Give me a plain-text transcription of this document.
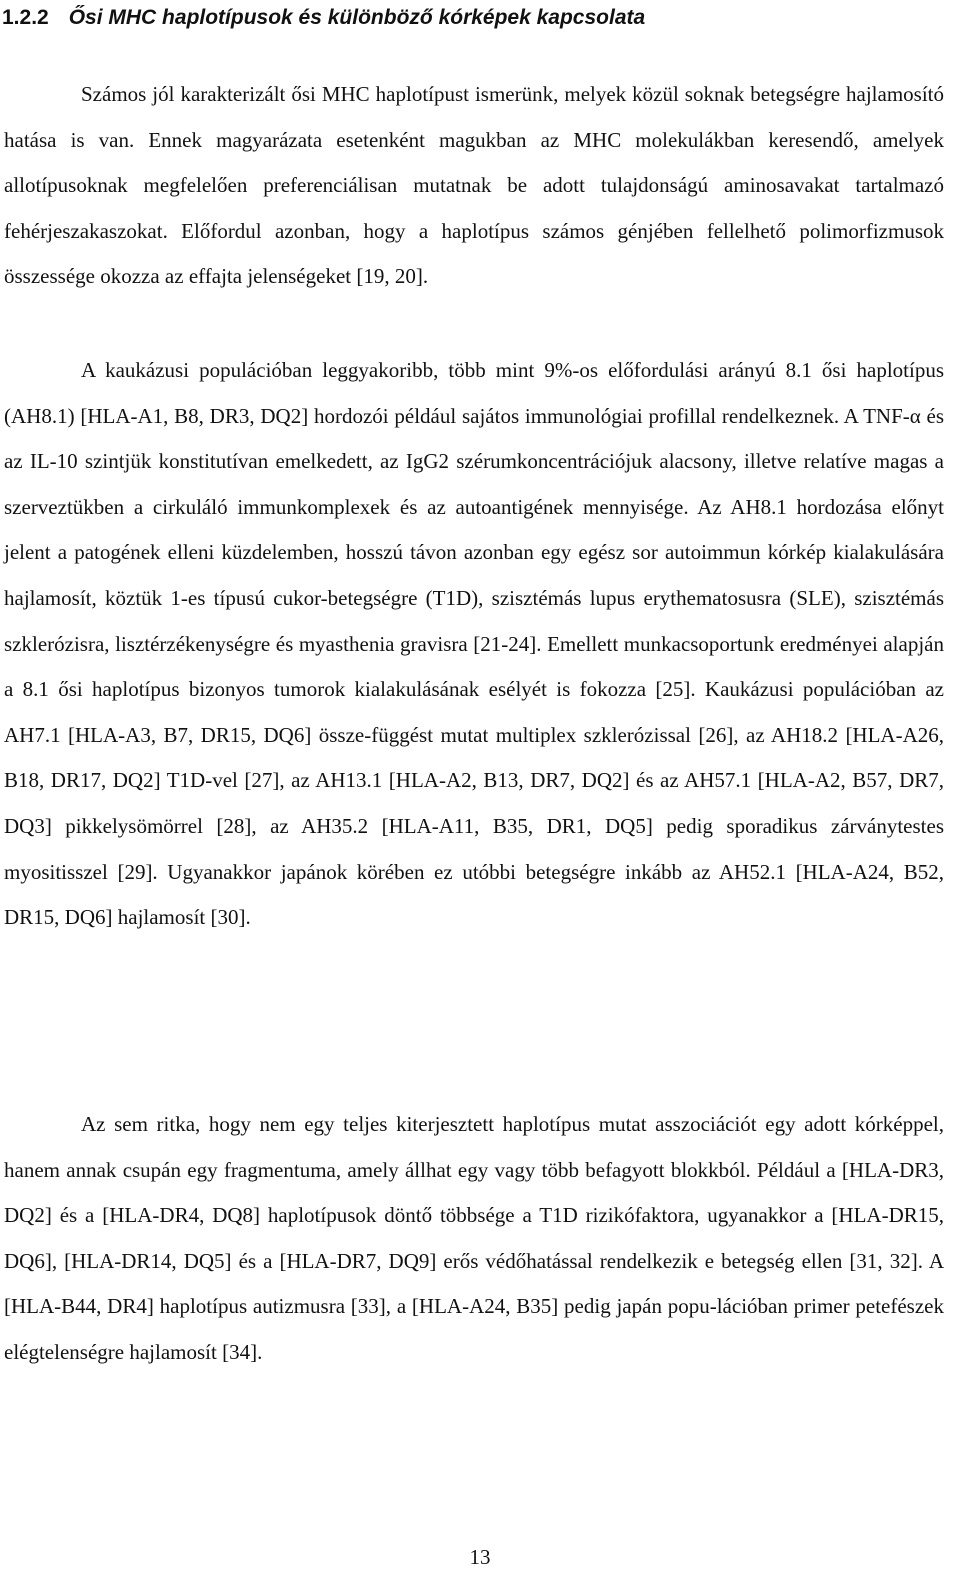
1.2.2 Ősi MHC haplotípusok és különböző kórképek kapcsolata

Számos jól karakterizált ősi MHC haplotípust ismerünk, melyek közül soknak betegségre hajlamosító hatása is van. Ennek magyarázata esetenként magukban az MHC molekulákban keresendő, amelyek allotípusoknak megfelelően preferenciálisan mutatnak be adott tulajdonságú aminosavakat tartalmazó fehérjeszakaszokat. Előfordul azonban, hogy a haplotípus számos génjében fellelhető polimorfizmusok összessége okozza az effajta jelenségeket [19, 20].

A kaukázusi populációban leggyakoribb, több mint 9%-os előfordulási arányú 8.1 ősi haplotípus (AH8.1) [HLA-A1, B8, DR3, DQ2] hordozói például sajátos immunológiai profillal rendelkeznek. A TNF-α és az IL-10 szintjük konstitutívan emelkedett, az IgG2 szérumkoncentrációjuk alacsony, illetve relatíve magas a szerveztükben a cirkuláló immunkomplexek és az autoantigének mennyisége. Az AH8.1 hordozása előnyt jelent a patogének elleni küzdelemben, hosszú távon azonban egy egész sor autoimmun kórkép kialakulására hajlamosít, köztük 1-es típusú cukor-betegségre (T1D), szisztémás lupus erythematosusra (SLE), szisztémás szklerózisra, lisztérzékenységre és myasthenia gravisra [21-24]. Emellett munkacsoportunk eredményei alapján a 8.1 ősi haplotípus bizonyos tumorok kialakulásának esélyét is fokozza [25]. Kaukázusi populációban az AH7.1 [HLA-A3, B7, DR15, DQ6] össze-függést mutat multiplex szklerózissal [26], az AH18.2 [HLA-A26, B18, DR17, DQ2] T1D-vel [27], az AH13.1 [HLA-A2, B13, DR7, DQ2] és az AH57.1 [HLA-A2, B57, DR7, DQ3] pikkelysömörrel [28], az AH35.2 [HLA-A11, B35, DR1, DQ5] pedig sporadikus zárványtestes myositisszel [29]. Ugyanakkor japánok körében ez utóbbi betegségre inkább az AH52.1 [HLA-A24, B52, DR15, DQ6] hajlamosít [30].

Az sem ritka, hogy nem egy teljes kiterjesztett haplotípus mutat asszociációt egy adott kórképpel, hanem annak csupán egy fragmentuma, amely állhat egy vagy több befagyott blokkból. Például a [HLA-DR3, DQ2] és a [HLA-DR4, DQ8] haplotípusok döntő többsége a T1D rizikófaktora, ugyanakkor a [HLA-DR15, DQ6], [HLA-DR14, DQ5] és a [HLA-DR7, DQ9] erős védőhatással rendelkezik e betegség ellen [31, 32]. A [HLA-B44, DR4] haplotípus autizmusra [33], a [HLA-A24, B35] pedig japán popu-lációban primer petefészek elégtelenségre hajlamosít [34].

13
